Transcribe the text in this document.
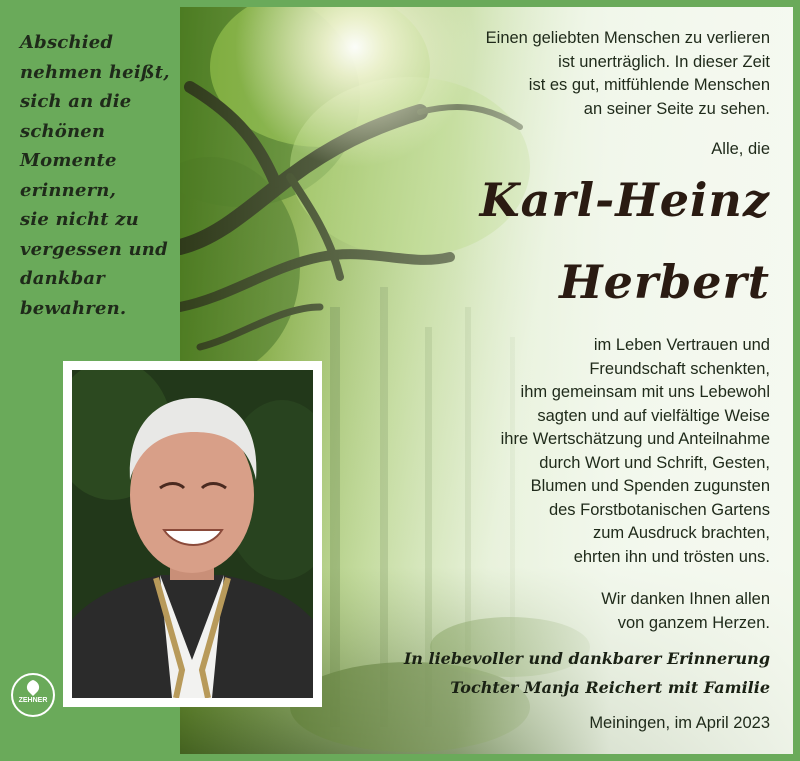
Abschied
nehmen heißt,
sich an die
schönen
Momente
erinnern,
sie nicht zu
vergessen und
dankbar
bewahren.
ZEHNER
Einen geliebten Menschen zu verlieren
ist unerträglich. In dieser Zeit
ist es gut, mitfühlende Menschen
an seiner Seite zu sehen.
Alle, die
Karl-Heinz
Herbert
im Leben Vertrauen und
Freundschaft schenkten,
ihm gemeinsam mit uns Lebewohl
sagten und auf vielfältige Weise
ihre Wertschätzung und Anteilnahme
durch Wort und Schrift, Gesten,
Blumen und Spenden zugunsten
des Forstbotanischen Gartens
zum Ausdruck brachten,
ehrten ihn und trösten uns.
Wir danken Ihnen allen
von ganzem Herzen.
In liebevoller und dankbarer Erinnerung
Tochter Manja Reichert mit Familie
Meiningen, im April 2023
